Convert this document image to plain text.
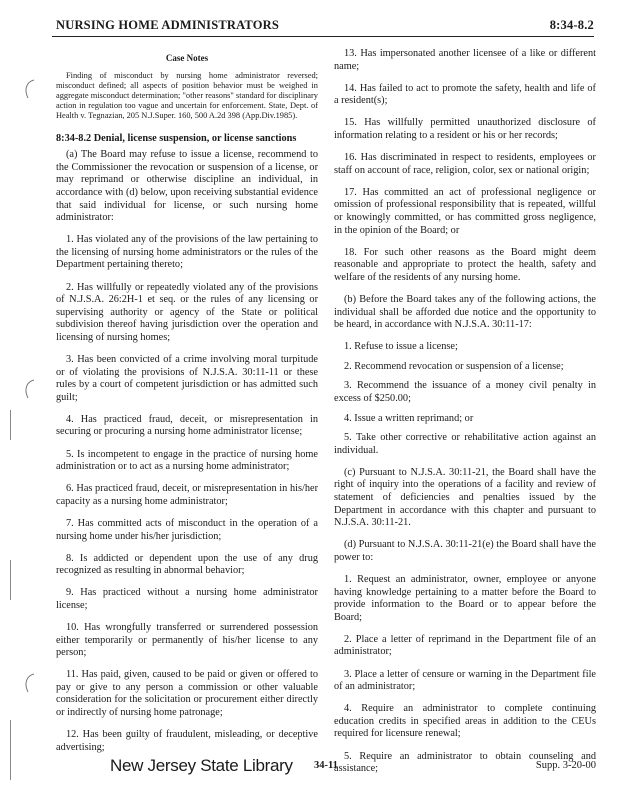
NURSING HOME ADMINISTRATORS	8:34-8.2
Case Notes
Finding of misconduct by nursing home administrator reversed; misconduct defined; all aspects of position behavior must be weighed in aggregate misconduct determination; "other reasons" standard for disciplinary action in regulation too vague and uncertain for enforcement. State, Dept. of Health v. Tegnazian, 205 N.J.Super. 160, 500 A.2d 398 (App.Div.1985).
8:34-8.2 Denial, license suspension, or license sanctions

(a) The Board may refuse to issue a license, recommend to the Commissioner the revocation or suspension of a license, or may reprimand or otherwise discipline an individual, in accordance with (d) below, upon receiving substantial evidence that said individual for license, or such nursing home administrator:

1. Has violated any of the provisions of the law pertaining to the licensing of nursing home administrators or the rules of the Department pertaining thereto;

2. Has willfully or repeatedly violated any of the provisions of N.J.S.A. 26:2H-1 et seq. or the rules of any licensing or supervising authority or agency of the State or political subdivision thereof having jurisdiction over the operation and licensing of nursing homes;

3. Has been convicted of a crime involving moral turpitude or of violating the provisions of N.J.S.A. 30:11-11 or these rules by a court of competent jurisdiction or has admitted such guilt;

4. Has practiced fraud, deceit, or misrepresentation in securing or procuring a nursing home administrator license;

5. Is incompetent to engage in the practice of nursing home administration or to act as a nursing home administrator;

6. Has practiced fraud, deceit, or misrepresentation in his/her capacity as a nursing home administrator;

7. Has committed acts of misconduct in the operation of a nursing home under his/her jurisdiction;

8. Is addicted or dependent upon the use of any drug recognized as resulting in abnormal behavior;

9. Has practiced without a nursing home administrator license;

10. Has wrongfully transferred or surrendered possession either temporarily or permanently of his/her license to any person;

11. Has paid, given, caused to be paid or given or offered to pay or give to any person a commission or other valuable consideration for the solicitation or procurement either directly or indirectly of nursing home patronage;

12. Has been guilty of fraudulent, misleading, or deceptive advertising;

13. Has impersonated another licensee of a like or different name;

14. Has failed to act to promote the safety, health and life of a resident(s);

15. Has willfully permitted unauthorized disclosure of information relating to a resident or his or her records;

16. Has discriminated in respect to residents, employees or staff on account of race, religion, color, sex or national origin;

17. Has committed an act of professional negligence or omission of professional responsibility that is repeated, willful or knowingly committed, or has committed gross negligence, in the opinion of the Board; or

18. For such other reasons as the Board might deem reasonable and appropriate to protect the health, safety and welfare of the residents of any nursing home.

(b) Before the Board takes any of the following actions, the individual shall be afforded due notice and the opportunity to be heard, in accordance with N.J.S.A. 30:11-17:

1. Refuse to issue a license;

2. Recommend revocation or suspension of a license;

3. Recommend the issuance of a money civil penalty in excess of $250.00;

4. Issue a written reprimand; or

5. Take other corrective or rehabilitative action against an individual.

(c) Pursuant to N.J.S.A. 30:11-21, the Board shall have the right of inquiry into the operations of a facility and review of statement of deficiencies and penalties issued by the Department in accordance with this chapter and pursuant to N.J.S.A. 30:11-21.

(d) Pursuant to N.J.S.A. 30:11-21(e) the Board shall have the power to:

1. Request an administrator, owner, employee or anyone having knowledge pertaining to a matter before the Board to provide information to the Board or to appear before the Board;

2. Place a letter of reprimand in the Department file of an administrator;

3. Place a letter of censure or warning in the Department file of an administrator;

4. Require an administrator to complete continuing education credits in specified areas in addition to the CEUs required for licensure renewal;

5. Require an administrator to obtain counseling and assistance;

New Jersey State Library 34-11	Supp. 3-20-00
